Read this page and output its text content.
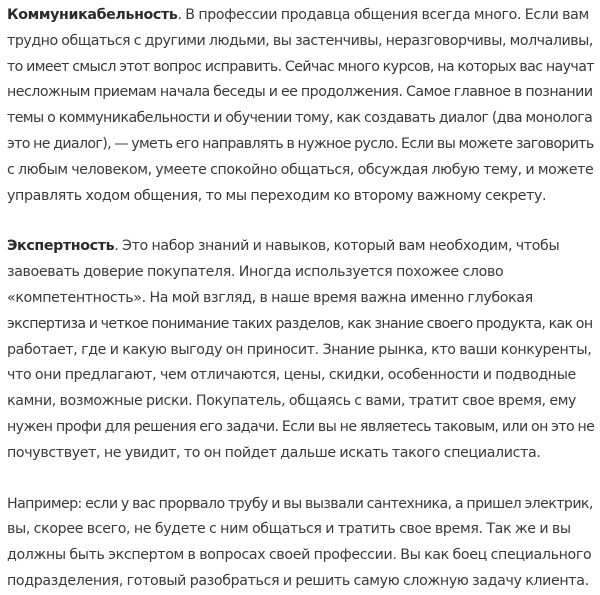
Коммуникабельность. В профессии продавца общения всегда много. Если вам
трудно общаться с другими людьми, вы застенчивы, неразговорчивы, молчаливы,
то имеет смысл этот вопрос исправить. Сейчас много курсов, на которых вас научат
несложным приемам начала беседы и ее продолжения. Самое главное в познании
темы о коммуникабельности и обучении тому, как создавать диалог (два монолога
это не диалог), — уметь его направлять в нужное русло. Если вы можете заговорить
с любым человеком, умеете спокойно общаться, обсуждая любую тему, и можете
управлять ходом общения, то мы переходим ко второму важному секрету.

Экспертность. Это набор знаний и навыков, который вам необходим, чтобы
завоевать доверие покупателя. Иногда используется похожее слово
«компетентность». На мой взгляд, в наше время важна именно глубокая
экспертиза и четкое понимание таких разделов, как знание своего продукта, как он
работает, где и какую выгоду он приносит. Знание рынка, кто ваши конкуренты,
что они предлагают, чем отличаются, цены, скидки, особенности и подводные
камни, возможные риски. Покупатель, общаясь с вами, тратит свое время, ему
нужен профи для решения его задачи. Если вы не являетесь таковым, или он это не
почувствует, не увидит, то он пойдет дальше искать такого специалиста.

Например: если у вас прорвало трубу и вы вызвали сантехника, а пришел электрик,
вы, скорее всего, не будете с ним общаться и тратить свое время. Так же и вы
должны быть экспертом в вопросах своей профессии. Вы как боец специального
подразделения, готовый разобраться и решить самую сложную задачу клиента.
